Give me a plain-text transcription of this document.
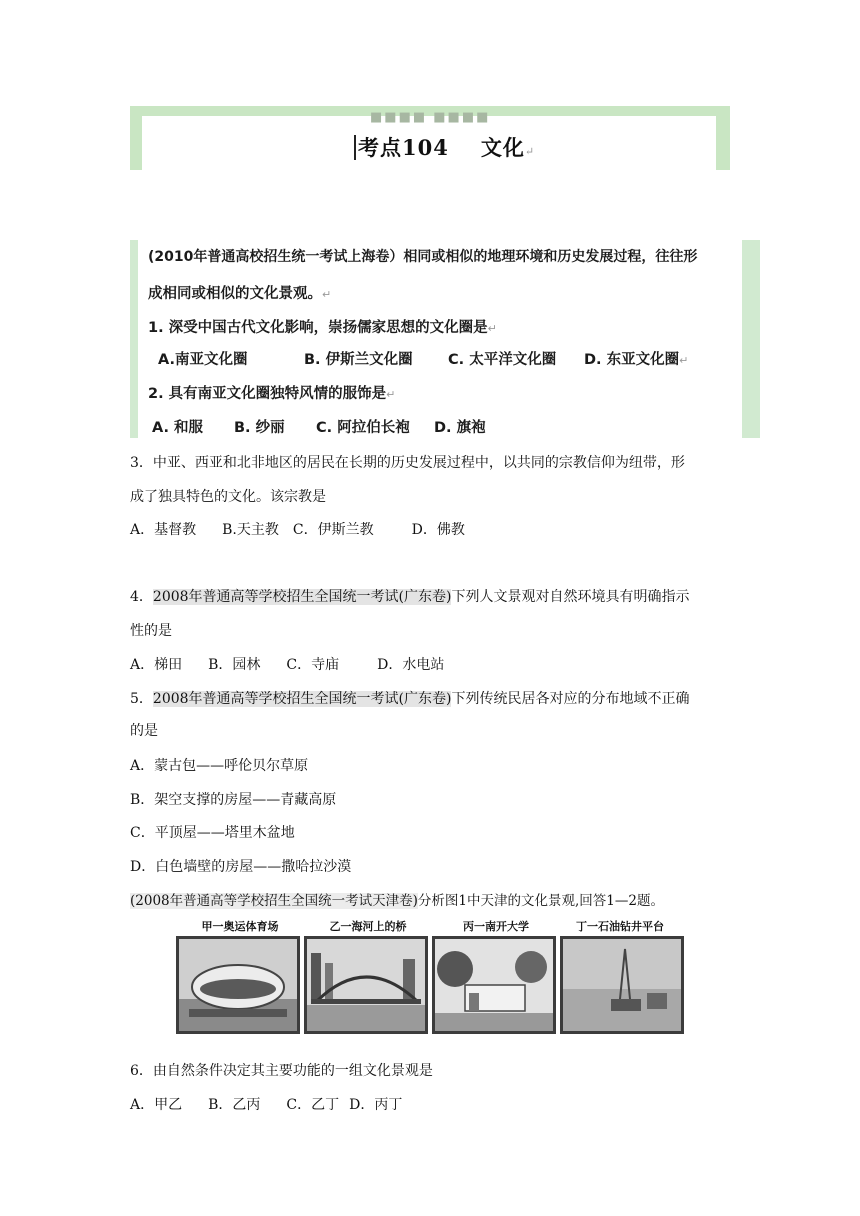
■■■■ ■■■■
考点104 文化↵
(2010年普通高校招生统一考试上海卷）相同或相似的地理环境和历史发展过程，往往形
成相同或相似的文化景观。↵
1. 深受中国古代文化影响，崇扬儒家思想的文化圈是↵
A.南亚文化圈	B. 伊斯兰文化圈 C. 太平洋文化圈 D. 东亚文化圈↵
2. 具有南亚文化圈独特风情的服饰是↵
A. 和服 B. 纱丽 C. 阿拉伯长袍 D. 旗袍
3．中亚、西亚和北非地区的居民在长期的历史发展过程中，以共同的宗教信仰为纽带，形
成了独具特色的文化。该宗教是
A．基督教 B.天主教 C．伊斯兰教	D．佛教
4．2008年普通高等学校招生全国统一考试(广东卷)下列人文景观对自然环境具有明确指示
性的是
A．梯田 B．园林 C．寺庙	D．水电站
5．2008年普通高等学校招生全国统一考试(广东卷)下列传统民居各对应的分布地域不正确
的是
A．蒙古包——呼伦贝尔草原
B．架空支撑的房屋——青藏高原
C．平顶屋——塔里木盆地
D．白色墙壁的房屋——撒哈拉沙漠
(2008年普通高等学校招生全国统一考试天津卷)分析图1中天津的文化景观,回答1—2题。
甲一奥运体育场	乙一海河上的桥	丙一南开大学	丁一石油钻井平台
6．由自然条件决定其主要功能的一组文化景观是
A．甲乙 B．乙丙 C．乙丁 D．丙丁
